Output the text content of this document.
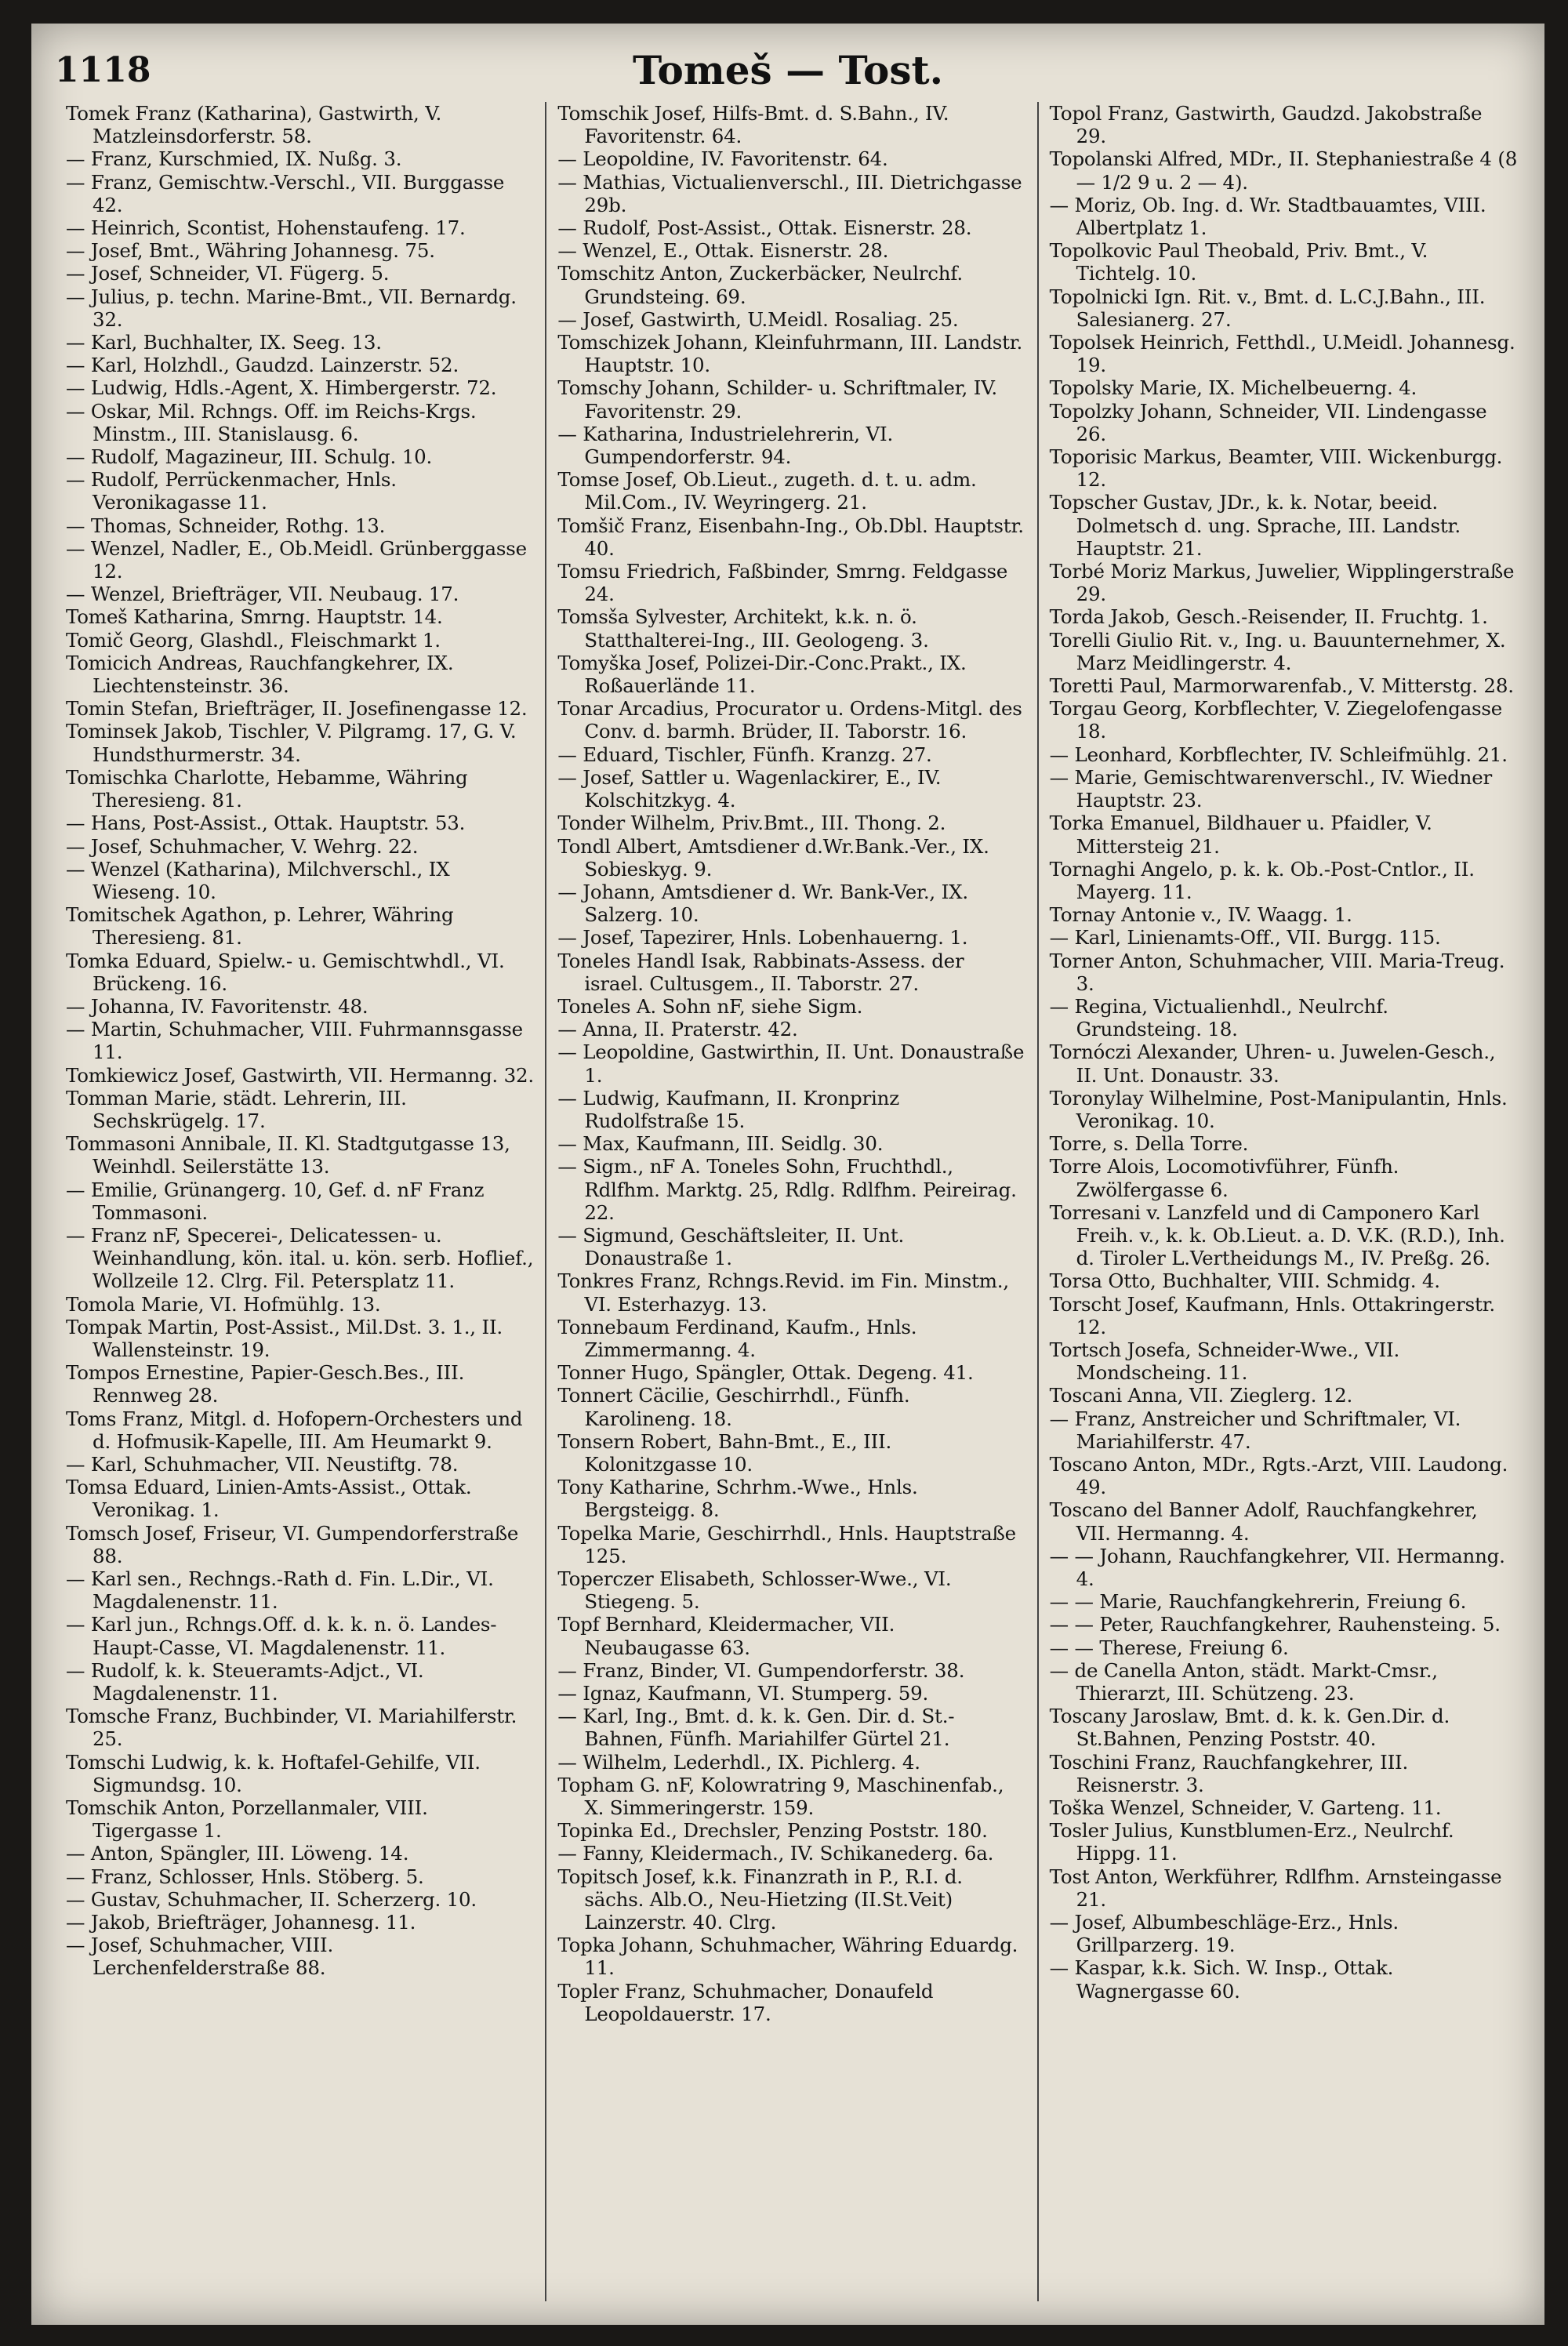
1118	Tomeš — Tost.

Tomek Franz (Katharina), Gastwirth, V. Matzleinsdorferstr. 58.

— Franz, Kurschmied, IX. Nußg. 3.

— Franz, Gemischtw.-Verschl., VII. Burggasse 42.

— Heinrich, Scontist, Hohenstaufeng. 17.

— Josef, Bmt., Währing Johannesg. 75.

— Josef, Schneider, VI. Fügerg. 5.

— Julius, p. techn. Marine-Bmt., VII. Bernardg. 32.

— Karl, Buchhalter, IX. Seeg. 13.

— Karl, Holzhdl., Gaudzd. Lainzerstr. 52.

— Ludwig, Hdls.-Agent, X. Himbergerstr. 72.

— Oskar, Mil. Rchngs. Off. im Reichs-Krgs. Minstm., III. Stanislausg. 6.

— Rudolf, Magazineur, III. Schulg. 10.

— Rudolf, Perrückenmacher, Hnls. Veronikagasse 11.

— Thomas, Schneider, Rothg. 13.

— Wenzel, Nadler, E., Ob.Meidl. Grünberggasse 12.

— Wenzel, Briefträger, VII. Neubaug. 17.

Tomeš Katharina, Smrng. Hauptstr. 14.

Tomič Georg, Glashdl., Fleischmarkt 1.

Tomicich Andreas, Rauchfangkehrer, IX. Liechtensteinstr. 36.

Tomin Stefan, Briefträger, II. Josefinengasse 12.

Tominsek Jakob, Tischler, V. Pilgramg. 17, G. V. Hundsthurmerstr. 34.

Tomischka Charlotte, Hebamme, Währing Theresieng. 81.

— Hans, Post-Assist., Ottak. Hauptstr. 53.

— Josef, Schuhmacher, V. Wehrg. 22.

— Wenzel (Katharina), Milchverschl., IX Wieseng. 10.

Tomitschek Agathon, p. Lehrer, Währing Theresieng. 81.

Tomka Eduard, Spielw.- u. Gemischtwhdl., VI. Brückeng. 16.

— Johanna, IV. Favoritenstr. 48.

— Martin, Schuhmacher, VIII. Fuhrmannsgasse 11.

Tomkiewicz Josef, Gastwirth, VII. Hermanng. 32.

Tomman Marie, städt. Lehrerin, III. Sechskrügelg. 17.

Tommasoni Annibale, II. Kl. Stadtgutgasse 13, Weinhdl. Seilerstätte 13.

— Emilie, Grünangerg. 10, Gef. d. nF Franz Tommasoni.

— Franz nF, Specerei-, Delicatessen- u. Weinhandlung, kön. ital. u. kön. serb. Hoflief., Wollzeile 12. Clrg. Fil. Petersplatz 11.

Tomola Marie, VI. Hofmühlg. 13.

Tompak Martin, Post-Assist., Mil.Dst. 3. 1., II. Wallensteinstr. 19.

Tompos Ernestine, Papier-Gesch.Bes., III. Rennweg 28.

Toms Franz, Mitgl. d. Hofopern-Orchesters und d. Hofmusik-Kapelle, III. Am Heumarkt 9.

— Karl, Schuhmacher, VII. Neustiftg. 78.

Tomsa Eduard, Linien-Amts-Assist., Ottak. Veronikag. 1.

Tomsch Josef, Friseur, VI. Gumpendorferstraße 88.

— Karl sen., Rechngs.-Rath d. Fin. L.Dir., VI. Magdalenenstr. 11.

— Karl jun., Rchngs.Off. d. k. k. n. ö. Landes-Haupt-Casse, VI. Magdalenenstr. 11.

— Rudolf, k. k. Steueramts-Adjct., VI. Magdalenenstr. 11.

Tomsche Franz, Buchbinder, VI. Mariahilferstr. 25.

Tomschi Ludwig, k. k. Hoftafel-Gehilfe, VII. Sigmundsg. 10.

Tomschik Anton, Porzellanmaler, VIII. Tigergasse 1.

— Anton, Spängler, III. Löweng. 14.

— Franz, Schlosser, Hnls. Stöberg. 5.

— Gustav, Schuhmacher, II. Scherzerg. 10.

— Jakob, Briefträger, Johannesg. 11.

— Josef, Schuhmacher, VIII. Lerchenfelderstraße 88.

Tomschik Josef, Hilfs-Bmt. d. S.Bahn., IV. Favoritenstr. 64.

— Leopoldine, IV. Favoritenstr. 64.

— Mathias, Victualienverschl., III. Dietrichgasse 29b.

— Rudolf, Post-Assist., Ottak. Eisnerstr. 28.

— Wenzel, E., Ottak. Eisnerstr. 28.

Tomschitz Anton, Zuckerbäcker, Neulrchf. Grundsteing. 69.

— Josef, Gastwirth, U.Meidl. Rosaliag. 25.

Tomschizek Johann, Kleinfuhrmann, III. Landstr. Hauptstr. 10.

Tomschy Johann, Schilder- u. Schriftmaler, IV. Favoritenstr. 29.

— Katharina, Industrielehrerin, VI. Gumpendorferstr. 94.

Tomse Josef, Ob.Lieut., zugeth. d. t. u. adm. Mil.Com., IV. Weyringerg. 21.

Tomšič Franz, Eisenbahn-Ing., Ob.Dbl. Hauptstr. 40.

Tomsu Friedrich, Faßbinder, Smrng. Feldgasse 24.

Tomsša Sylvester, Architekt, k.k. n. ö. Statthalterei-Ing., III. Geologeng. 3.

Tomyška Josef, Polizei-Dir.-Conc.Prakt., IX. Roßauerlände 11.

Tonar Arcadius, Procurator u. Ordens-Mitgl. des Conv. d. barmh. Brüder, II. Taborstr. 16.

— Eduard, Tischler, Fünfh. Kranzg. 27.

— Josef, Sattler u. Wagenlackirer, E., IV. Kolschitzkyg. 4.

Tonder Wilhelm, Priv.Bmt., III. Thong. 2.

Tondl Albert, Amtsdiener d.Wr.Bank.-Ver., IX. Sobieskyg. 9.

— Johann, Amtsdiener d. Wr. Bank-Ver., IX. Salzerg. 10.

— Josef, Tapezirer, Hnls. Lobenhauerng. 1.

Toneles Handl Isak, Rabbinats-Assess. der israel. Cultusgem., II. Taborstr. 27.

Toneles A. Sohn nF, siehe Sigm.

— Anna, II. Praterstr. 42.

— Leopoldine, Gastwirthin, II. Unt. Donaustraße 1.

— Ludwig, Kaufmann, II. Kronprinz Rudolfstraße 15.

— Max, Kaufmann, III. Seidlg. 30.

— Sigm., nF A. Toneles Sohn, Fruchthdl., Rdlfhm. Marktg. 25, Rdlg. Rdlfhm. Peireirag. 22.

— Sigmund, Geschäftsleiter, II. Unt. Donaustraße 1.

Tonkres Franz, Rchngs.Revid. im Fin. Minstm., VI. Esterhazyg. 13.

Tonnebaum Ferdinand, Kaufm., Hnls. Zimmermanng. 4.

Tonner Hugo, Spängler, Ottak. Degeng. 41.

Tonnert Cäcilie, Geschirrhdl., Fünfh. Karolineng. 18.

Tonsern Robert, Bahn-Bmt., E., III. Kolonitzgasse 10.

Tony Katharine, Schrhm.-Wwe., Hnls. Bergsteigg. 8.

Topelka Marie, Geschirrhdl., Hnls. Hauptstraße 125.

Toperczer Elisabeth, Schlosser-Wwe., VI. Stiegeng. 5.

Topf Bernhard, Kleidermacher, VII. Neubaugasse 63.

— Franz, Binder, VI. Gumpendorferstr. 38.

— Ignaz, Kaufmann, VI. Stumperg. 59.

— Karl, Ing., Bmt. d. k. k. Gen. Dir. d. St.-Bahnen, Fünfh. Mariahilfer Gürtel 21.

— Wilhelm, Lederhdl., IX. Pichlerg. 4.

Topham G. nF, Kolowratring 9, Maschinenfab., X. Simmeringerstr. 159.

Topinka Ed., Drechsler, Penzing Poststr. 180.

— Fanny, Kleidermach., IV. Schikanederg. 6a.

Topitsch Josef, k.k. Finanzrath in P., R.I. d. sächs. Alb.O., Neu-Hietzing (II.St.Veit) Lainzerstr. 40. Clrg.

Topka Johann, Schuhmacher, Währing Eduardg. 11.

Topler Franz, Schuhmacher, Donaufeld Leopoldauerstr. 17.

Topol Franz, Gastwirth, Gaudzd. Jakobstraße 29.

Topolanski Alfred, MDr., II. Stephaniestraße 4 (8 — 1/2 9 u. 2 — 4).

— Moriz, Ob. Ing. d. Wr. Stadtbauamtes, VIII. Albertplatz 1.

Topolkovic Paul Theobald, Priv. Bmt., V. Tichtelg. 10.

Topolnicki Ign. Rit. v., Bmt. d. L.C.J.Bahn., III. Salesianerg. 27.

Topolsek Heinrich, Fetthdl., U.Meidl. Johannesg. 19.

Topolsky Marie, IX. Michelbeuerng. 4.

Topolzky Johann, Schneider, VII. Lindengasse 26.

Toporisic Markus, Beamter, VIII. Wickenburgg. 12.

Topscher Gustav, JDr., k. k. Notar, beeid. Dolmetsch d. ung. Sprache, III. Landstr. Hauptstr. 21.

Torbé Moriz Markus, Juwelier, Wipplingerstraße 29.

Torda Jakob, Gesch.-Reisender, II. Fruchtg. 1.

Torelli Giulio Rit. v., Ing. u. Bauunternehmer, X. Marz Meidlingerstr. 4.

Toretti Paul, Marmorwarenfab., V. Mitterstg. 28.

Torgau Georg, Korbflechter, V. Ziegelofengasse 18.

— Leonhard, Korbflechter, IV. Schleifmühlg. 21.

— Marie, Gemischtwarenverschl., IV. Wiedner Hauptstr. 23.

Torka Emanuel, Bildhauer u. Pfaidler, V. Mittersteig 21.

Tornaghi Angelo, p. k. k. Ob.-Post-Cntlor., II. Mayerg. 11.

Tornay Antonie v., IV. Waagg. 1.

— Karl, Linienamts-Off., VII. Burgg. 115.

Torner Anton, Schuhmacher, VIII. Maria-Treug. 3.

— Regina, Victualienhdl., Neulrchf. Grundsteing. 18.

Tornóczi Alexander, Uhren- u. Juwelen-Gesch., II. Unt. Donaustr. 33.

Toronylay Wilhelmine, Post-Manipulantin, Hnls. Veronikag. 10.

Torre, s. Della Torre.

Torre Alois, Locomotivführer, Fünfh. Zwölfergasse 6.

Torresani v. Lanzfeld und di Camponero Karl Freih. v., k. k. Ob.Lieut. a. D. V.K. (R.D.), Inh. d. Tiroler L.Vertheidungs M., IV. Preßg. 26.

Torsa Otto, Buchhalter, VIII. Schmidg. 4.

Torscht Josef, Kaufmann, Hnls. Ottakringerstr. 12.

Tortsch Josefa, Schneider-Wwe., VII. Mondscheing. 11.

Toscani Anna, VII. Zieglerg. 12.

— Franz, Anstreicher und Schriftmaler, VI. Mariahilferstr. 47.

Toscano Anton, MDr., Rgts.-Arzt, VIII. Laudong. 49.

Toscano del Banner Adolf, Rauchfangkehrer, VII. Hermanng. 4.

— — Johann, Rauchfangkehrer, VII. Hermanng. 4.

— — Marie, Rauchfangkehrerin, Freiung 6.

— — Peter, Rauchfangkehrer, Rauhensteing. 5.

— — Therese, Freiung 6.

— de Canella Anton, städt. Markt-Cmsr., Thierarzt, III. Schützeng. 23.

Toscany Jaroslaw, Bmt. d. k. k. Gen.Dir. d. St.Bahnen, Penzing Poststr. 40.

Toschini Franz, Rauchfangkehrer, III. Reisnerstr. 3.

Toška Wenzel, Schneider, V. Garteng. 11.

Tosler Julius, Kunstblumen-Erz., Neulrchf. Hippg. 11.

Tost Anton, Werkführer, Rdlfhm. Arnsteingasse 21.

— Josef, Albumbeschläge-Erz., Hnls. Grillparzerg. 19.

— Kaspar, k.k. Sich. W. Insp., Ottak. Wagnergasse 60.
